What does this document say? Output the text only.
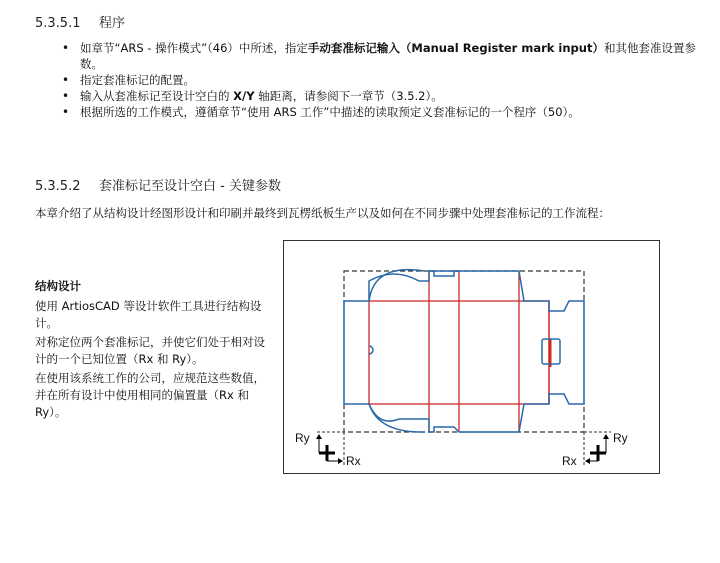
5.3.5.1 程序
• 如章节“ARS - 操作模式”（46）中所述，指定手动套准标记输入（Manual Register mark input）和其他套准设置参数。
• 指定套准标记的配置。
• 输入从套准标记至设计空白的 X/Y 轴距离，请参阅下一章节（3.5.2）。
• 根据所选的工作模式，遵循章节“使用 ARS 工作”中描述的读取预定义套准标记的一个程序（50）。
5.3.5.2 套准标记至设计空白 - 关键参数
本章介绍了从结构设计经图形设计和印刷并最终到瓦楞纸板生产以及如何在不同步骤中处理套准标记的工作流程：

结构设计

使用 ArtiosCAD 等设计软件工具进行结构设计。

对称定位两个套准标记，并使它们处于相对设计的一个已知位置（Rx 和 Ry）。

在使用该系统工作的公司，应规范这些数值，并在所有设计中使用相同的偏置量（Rx 和 Ry）。

Ry
Rx
Ry
Rx
